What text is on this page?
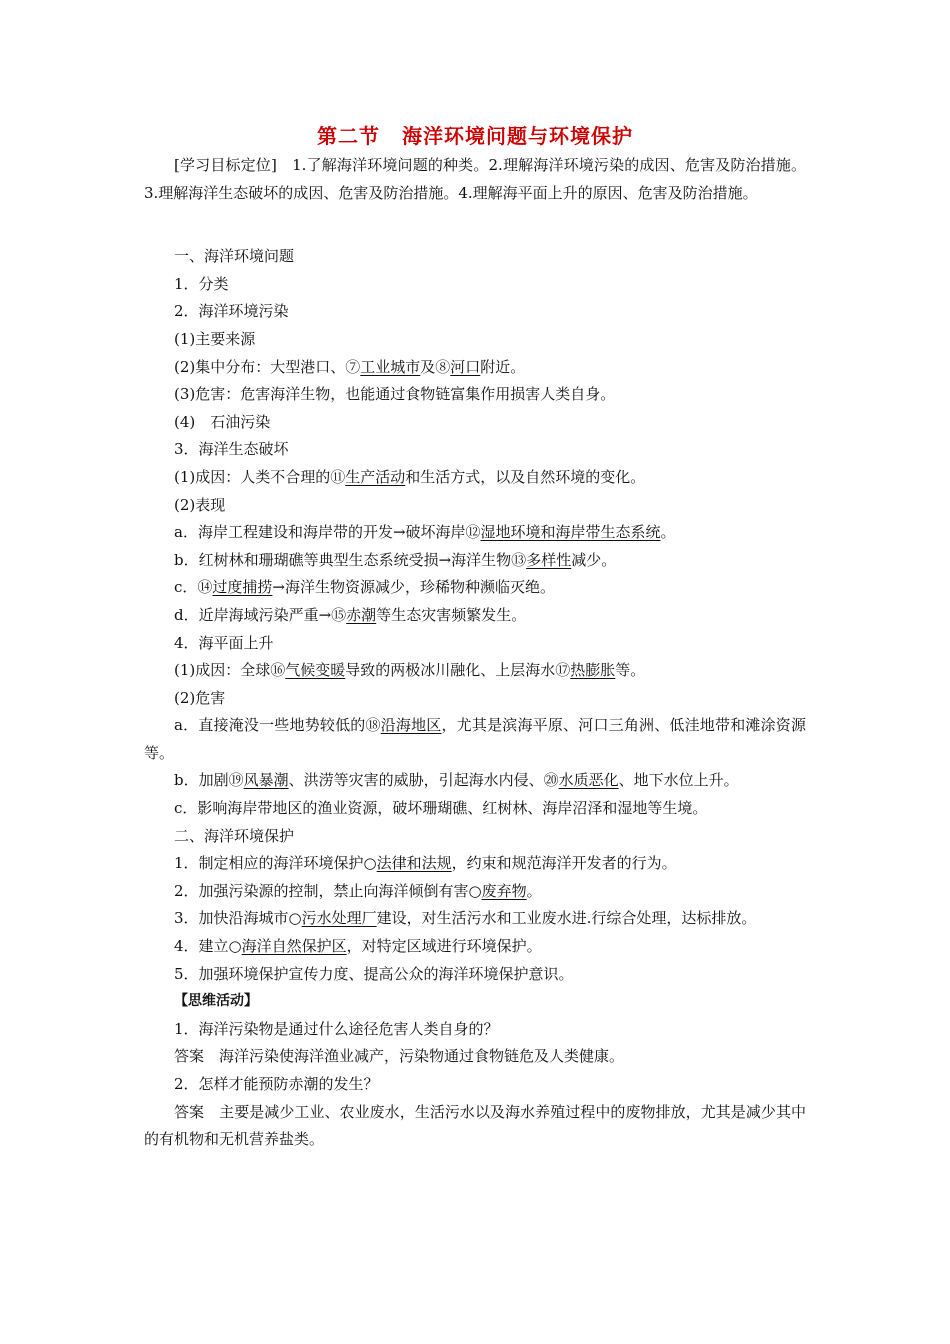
第二节 海洋环境问题与环境保护

[学习目标定位]　1.了解海洋环境问题的种类。2.理解海洋环境污染的成因、危害及防治措施。3.理解海洋生态破坏的成因、危害及防治措施。4.理解海平面上升的原因、危害及防治措施。

一、海洋环境问题

1．分类

2．海洋环境污染

(1)主要来源

(2)集中分布：大型港口、⑦工业城市及⑧河口附近。

(3)危害：危害海洋生物，也能通过食物链富集作用损害人类自身。

(4)　石油污染

3．海洋生态破坏

(1)成因：人类不合理的⑪生产活动和生活方式，以及自然环境的变化。

(2)表现

a．海岸工程建设和海岸带的开发→破坏海岸⑫湿地环境和海岸带生态系统。

b．红树林和珊瑚礁等典型生态系统受损→海洋生物⑬多样性减少。

c．⑭过度捕捞→海洋生物资源减少，珍稀物种濒临灭绝。

d．近岸海域污染严重→⑮赤潮等生态灾害频繁发生。

4．海平面上升

(1)成因：全球⑯气候变暖导致的两极冰川融化、上层海水⑰热膨胀等。

(2)危害

a．直接淹没一些地势较低的⑱沿海地区，尤其是滨海平原、河口三角洲、低洼地带和滩涂资源等。

b．加剧⑲风暴潮、洪涝等灾害的威胁，引起海水内侵、⑳水质恶化、地下水位上升。

c．影响海岸带地区的渔业资源，破坏珊瑚礁、红树林、海岸沼泽和湿地等生境。

二、海洋环境保护

1．制定相应的海洋环境保护○法律和法规，约束和规范海洋开发者的行为。

2．加强污染源的控制，禁止向海洋倾倒有害○废弃物。

3．加快沿海城市○污水处理厂建设，对生活污水和工业废水进.行综合处理，达标排放。

4．建立○海洋自然保护区，对特定区域进行环境保护。

5．加强环境保护宣传力度、提高公众的海洋环境保护意识。

【思维活动】

1．海洋污染物是通过什么途径危害人类自身的？

答案　海洋污染使海洋渔业减产，污染物通过食物链危及人类健康。

2．怎样才能预防赤潮的发生？

答案　主要是减少工业、农业废水，生活污水以及海水养殖过程中的废物排放，尤其是减少其中的有机物和无机营养盐类。
